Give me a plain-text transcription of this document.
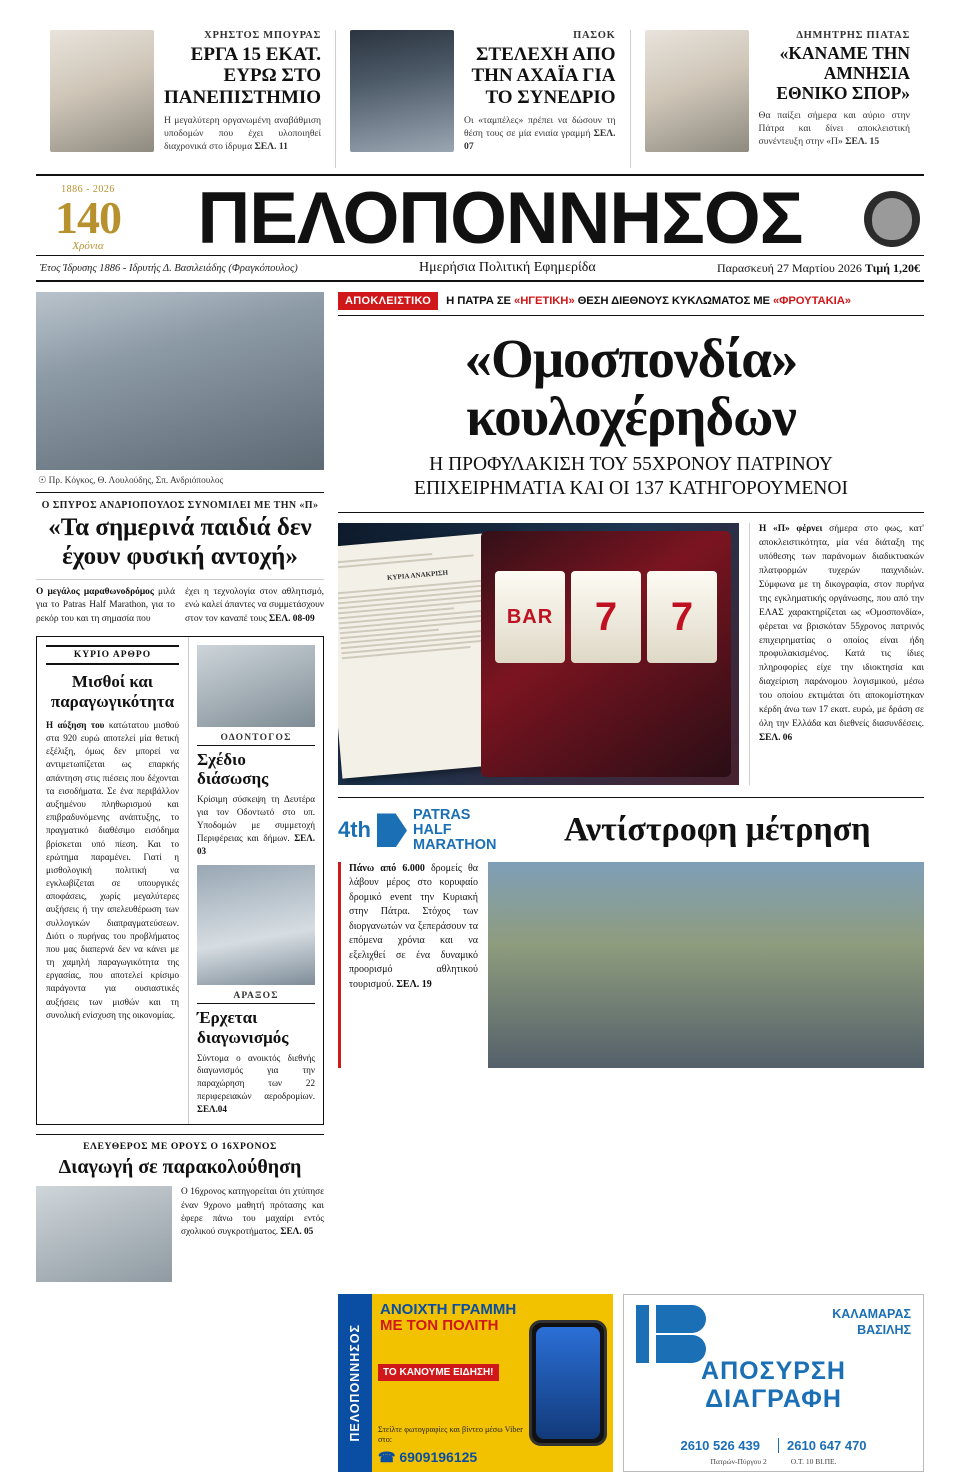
ΧΡΗΣΤΟΣ ΜΠΟΥΡΑΣ
ΕΡΓΑ 15 ΕΚΑΤ. ΕΥΡΩ ΣΤΟ ΠΑΝΕΠΙΣΤΗΜΙΟ
Η μεγαλύτερη οργανωμένη αναβάθμιση υποδομών που έχει υλοποιηθεί διαχρονικά στο ίδρυμα ΣΕΛ. 11
ΠΑΣΟΚ
ΣΤΕΛΕΧΗ ΑΠΟ ΤΗΝ ΑΧΑΪΑ ΓΙΑ ΤΟ ΣΥΝΕΔΡΙΟ
Οι «ταμπέλες» πρέπει να δώσουν τη θέση τους σε μία ενιαία γραμμή ΣΕΛ. 07
ΔΗΜΗΤΡΗΣ ΠΙΑΤΑΣ
«ΚΑΝΑΜΕ ΤΗΝ ΑΜΝΗΣΙΑ ΕΘΝΙΚΟ ΣΠΟΡ»
Θα παίξει σήμερα και αύριο στην Πάτρα και δίνει αποκλειστική συνέντευξη στην «Π» ΣΕΛ. 15
1886 - 2026
140
Χρόνια	ΠΕΛΟΠΟΝΝΗΣΟΣ
Έτος Ίδρυσης 1886 - Ιδρυτής Δ. Βασιλειάδης (Φραγκόπουλος)	Ημερήσια Πολιτική Εφημερίδα	Παρασκευή 27 Μαρτίου 2026 Τιμή 1,20€
☉ Πρ. Κόγκος, Θ. Λουλούδης, Σπ. Ανδριόπουλος
Ο ΣΠΥΡΟΣ ΑΝΔΡΙΟΠΟΥΛΟΣ ΣΥΝΟΜΙΛΕΙ ΜΕ ΤΗΝ «Π»
«Τα σημερινά παιδιά δεν έχουν φυσική αντοχή»
Ο μεγάλος μαραθωνοδρόμος μιλά για το Patras Half Marathon, για το ρεκόρ του και τη σημασία που
έχει η τεχνολογία στον αθλητισμό, ενώ καλεί άπαντες να συμμετάσχουν στον τον καναπέ τους ΣΕΛ. 08-09
ΚΥΡΙΟ ΑΡΘΡΟ
Μισθοί και παραγωγικότητα
Η αύξηση του κατώτατου μισθού στα 920 ευρώ αποτελεί μία θετική εξέλιξη, όμως δεν μπορεί να αντιμετωπίζεται ως επαρκής απάντηση στις πιέσεις που δέχονται τα εισοδήματα. Σε ένα περιβάλλον αυξημένου πληθωρισμού και επιβραδυνόμενης ανάπτυξης, το πραγματικό διαθέσιμο εισόδημα βρίσκεται υπό πίεση. Και το ερώτημα παραμένει. Γιατί η μισθολογική πολιτική να εγκλωβίζεται σε υπουργικές αποφάσεις, χωρίς μεγαλύτερες αυξήσεις ή την απελευθέρωση των συλλογικών διαπραγματεύσεων. Διότι ο πυρήνας του προβλήματος που μας διαπερνά δεν να κάνει με τη χαμηλή παραγωγικότητα της εργασίας, που αποτελεί κρίσιμο παράγοντα για ουσιαστικές αυξήσεις των μισθών και τη συνολική ενίσχυση της οικονομίας.
ΟΔΟΝΤΟΓΟΣ
Σχέδιο διάσωσης
Κρίσιμη σύσκεψη τη Δευτέρα για τον Οδοντωτό στο υπ. Υποδομών με συμμετοχή Περιφέρειας και δήμων. ΣΕΛ. 03
ΑΡΑΞΟΣ
Έρχεται διαγωνισμός
Σύντομα ο ανοικτός διεθνής διαγωνισμός για την παραχώρηση των 22 περιφερειακών αεροδρομίων. ΣΕΛ.04
ΕΛΕΥΘΕΡΟΣ ΜΕ ΟΡΟΥΣ Ο 16ΧΡΟΝΟΣ
Διαγωγή σε παρακολούθηση
Ο 16χρονος κατηγορείται ότι χτύπησε έναν 9χρονο μαθητή πρότασης και έφερε πάνω του μαχαίρι εντός σχολικού συγκροτήματος. ΣΕΛ. 05
ΑΠΟΚΛΕΙΣΤΙΚΟ	Η ΠΑΤΡΑ ΣΕ «ΗΓΕΤΙΚΗ» ΘΕΣΗ ΔΙΕΘΝΟΥΣ ΚΥΚΛΩΜΑΤΟΣ ΜΕ «ΦΡΟΥΤΑΚΙΑ»
«Ομοσπονδία»
κουλοχέρηδων
Η ΠΡΟΦΥΛΑΚΙΣΗ ΤΟΥ 55ΧΡΟΝΟΥ ΠΑΤΡΙΝΟΥ
ΕΠΙΧΕΙΡΗΜΑΤΙΑ ΚΑΙ ΟΙ 137 ΚΑΤΗΓΟΡΟΥΜΕΝΟΙ
ΚΥΡΙΑ ΑΝΑΚΡΙΣΗ
BAR	7	7
Η «Π» φέρνει σήμερα στο φως, κατ' αποκλειστικότητα, μία νέα διάταξη της υπόθεσης των παράνομων διαδικτυακών πλατφορμών τυχερών παιχνιδιών. Σύμφωνα με τη δικογραφία, στον πυρήνα της εγκληματικής οργάνωσης, που από την ΕΛΑΣ χαρακτηρίζεται ως «Ομοσπονδία», φέρεται να βρισκόταν 55χρονος πατρινός επιχειρηματίας ο οποίος είναι ήδη προφυλακισμένος. Κατά τις ίδιες πληροφορίες είχε την ιδιοκτησία και διαχείριση παράνομου λογισμικού, μέσω του οποίου εκτιμάται ότι αποκομίστηκαν κέρδη άνω των 17 εκατ. ευρώ, με δράση σε όλη την Ελλάδα και διεθνείς διασυνδέσεις. ΣΕΛ. 06
4th
PATRAS
HALF
MARATHON	Αντίστροφη μέτρηση
Πάνω από 6.000 δρομείς θα λάβουν μέρος στο κορυφαίο δρομικό event την Κυριακή στην Πάτρα. Στόχος των διοργανωτών να ξεπεράσουν τα επόμενα χρόνια και να εξελιχθεί σε ένα δυναμικό προορισμό αθλητικού τουρισμού. ΣΕΛ. 19
ΠΕΛΟΠΟΝΝΗΣΟΣ
ΑΝΟΙΧΤΗ ΓΡΑΜΜΗ
ΜΕ ΤΟΝ ΠΟΛΙΤΗ
ΤΟ ΚΑΝΟΥΜΕ ΕΙΔΗΣΗ!
Στείλτε φωτογραφίες και βίντεο μέσω Viber στο:
☎ 6909196125
ΚΑΛΑΜΑΡΑΣ
ΒΑΣΙΛΗΣ
ΑΠΟΣΥΡΣΗ
ΔΙΑΓΡΑΦΗ
2610 526 439	2610 647 470
Πατρών-Πύργου 2	Ο.Τ. 10 ΒΙ.ΠΕ.
